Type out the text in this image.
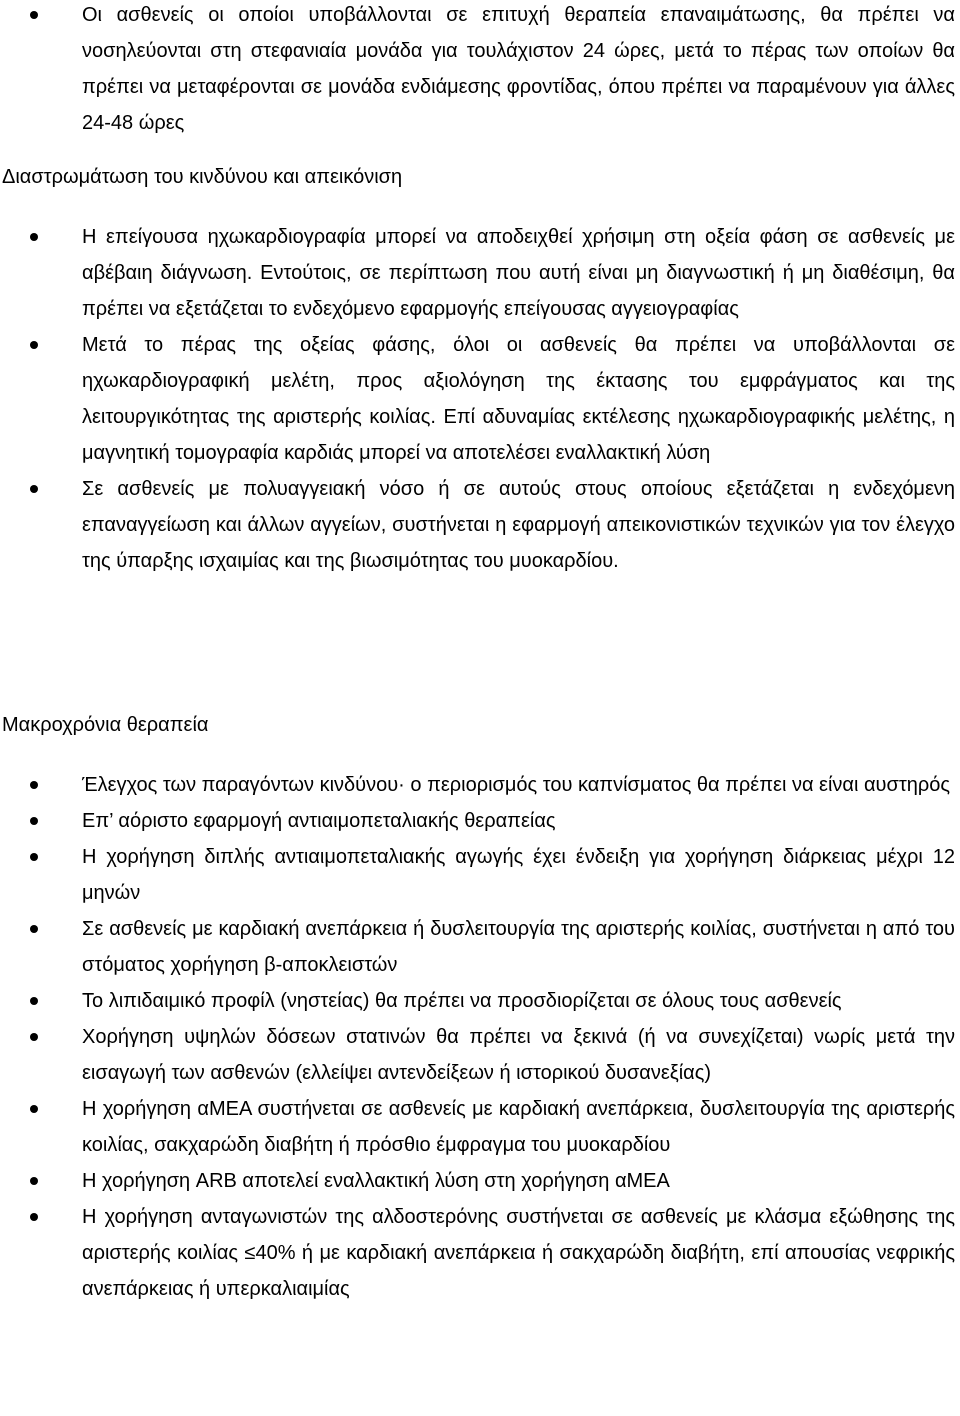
Οι ασθενείς οι οποίοι υποβάλλονται σε επιτυχή θεραπεία επαναιμάτωσης, θα πρέπει να νοσηλεύονται στη στεφανιαία μονάδα για τουλάχιστον 24 ώρες, μετά το πέρας των οποίων θα πρέπει να μεταφέρονται σε μονάδα ενδιάμεσης φροντίδας, όπου πρέπει να παραμένουν για άλλες 24-48 ώρες
Διαστρωμάτωση του κινδύνου και απεικόνιση
Η επείγουσα ηχωκαρδιογραφία μπορεί να αποδειχθεί χρήσιμη στη οξεία φάση σε ασθενείς με αβέβαιη διάγνωση. Εντούτοις, σε περίπτωση που αυτή είναι μη διαγνωστική ή μη διαθέσιμη, θα πρέπει να εξετάζεται το ενδεχόμενο εφαρμογής επείγουσας αγγειογραφίας
Μετά το πέρας της οξείας φάσης, όλοι οι ασθενείς θα πρέπει να υποβάλλονται σε ηχωκαρδιογραφική μελέτη, προς αξιολόγηση της έκτασης του εμφράγματος και της λειτουργικότητας της αριστερής κοιλίας. Επί αδυναμίας εκτέλεσης ηχωκαρδιογραφικής μελέτης, η μαγνητική τομογραφία καρδιάς μπορεί να αποτελέσει εναλλακτική λύση
Σε ασθενείς με πολυαγγειακή νόσο ή σε αυτούς στους οποίους εξετάζεται η ενδεχόμενη επαναγγείωση και άλλων αγγείων, συστήνεται η εφαρμογή απεικονιστικών τεχνικών για τον έλεγχο της ύπαρξης ισχαιμίας και της βιωσιμότητας του μυοκαρδίου.
Μακροχρόνια θεραπεία
Έλεγχος των παραγόντων κινδύνου· ο περιορισμός του καπνίσματος θα πρέπει να είναι αυστηρός
Επ’ αόριστο εφαρμογή αντιαιμοπεταλιακής θεραπείας
Η χορήγηση διπλής αντιαιμοπεταλιακής αγωγής έχει ένδειξη για χορήγηση διάρκειας μέχρι 12 μηνών
Σε ασθενείς με καρδιακή ανεπάρκεια ή δυσλειτουργία της αριστερής κοιλίας, συστήνεται η από του στόματος χορήγηση β-αποκλειστών
Το λιπιδαιμικό προφίλ (νηστείας) θα πρέπει να προσδιορίζεται σε όλους τους ασθενείς
Χορήγηση υψηλών δόσεων στατινών θα πρέπει να ξεκινά (ή να συνεχίζεται) νωρίς μετά την εισαγωγή των ασθενών (ελλείψει αντενδείξεων ή ιστορικού δυσανεξίας)
Η χορήγηση αΜΕΑ συστήνεται σε ασθενείς με καρδιακή ανεπάρκεια, δυσλειτουργία της αριστερής κοιλίας, σακχαρώδη διαβήτη ή πρόσθιο έμφραγμα του μυοκαρδίου
Η χορήγηση ARB αποτελεί εναλλακτική λύση στη χορήγηση αΜΕΑ
Η χορήγηση ανταγωνιστών της αλδοστερόνης συστήνεται σε ασθενείς με κλάσμα εξώθησης της αριστερής κοιλίας ≤40% ή με καρδιακή ανεπάρκεια ή σακχαρώδη διαβήτη, επί απουσίας νεφρικής ανεπάρκειας ή υπερκαλιαιμίας
